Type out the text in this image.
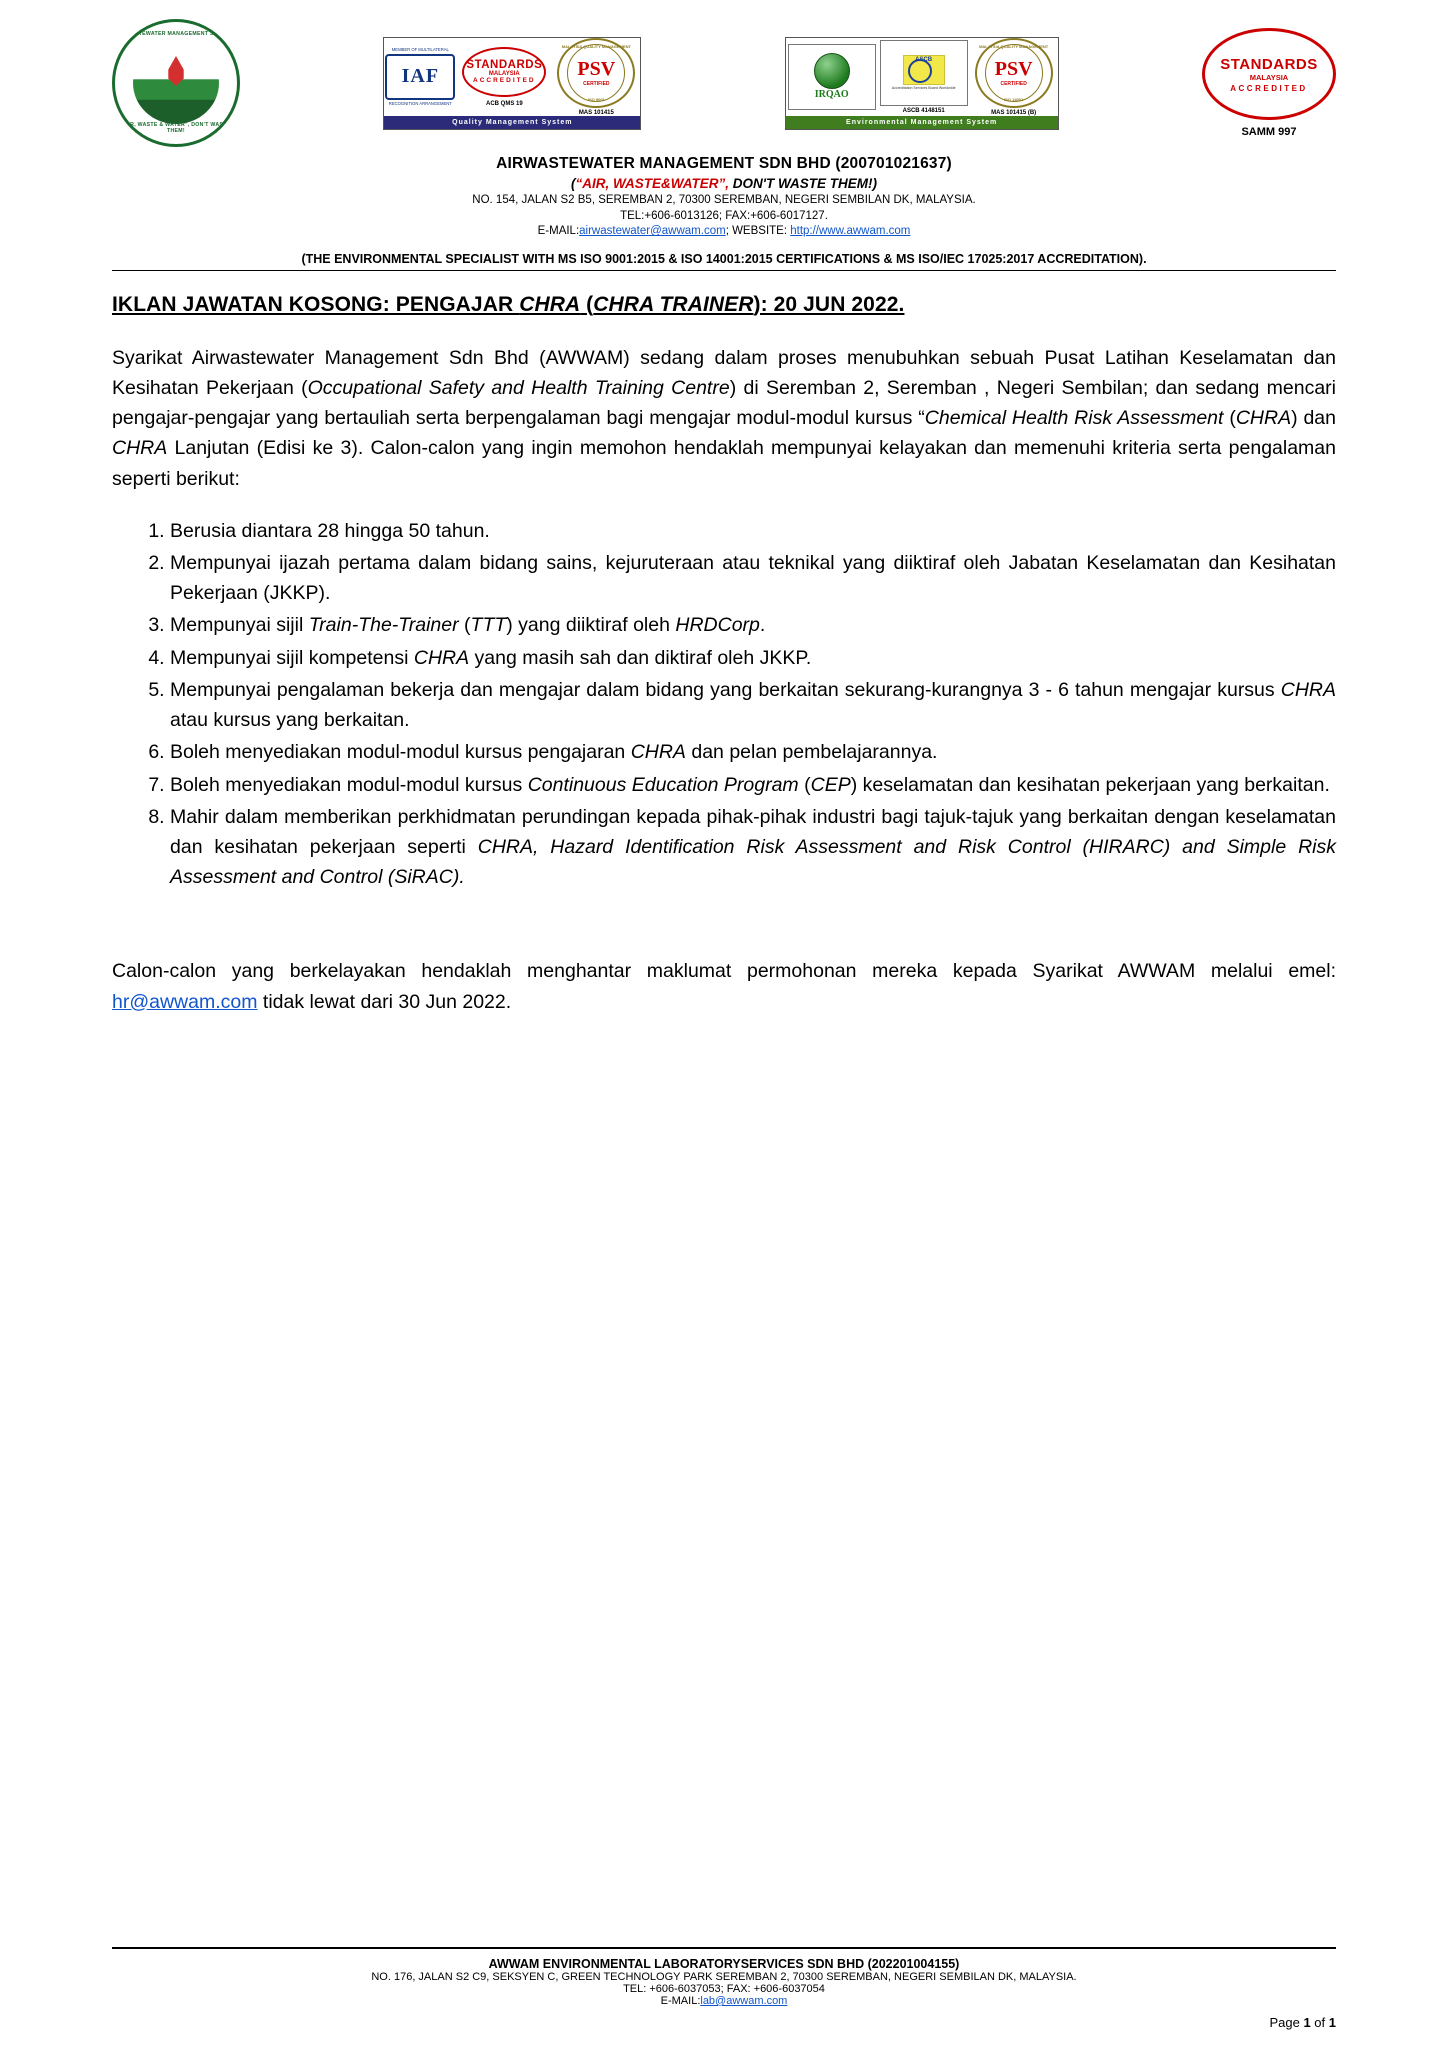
AIRWASTEWATER MANAGEMENT SDN BHD
"AIR, WASTE & WATER", DON'T WASTE THEM!
MEMBER OF MULTILATERAL
IAF
RECOGNITION ARRANGEMENT
STANDARDS
MALAYSIA
ACCREDITED
ACB QMS 19
MALAYSIA QUALITY MANAGEMENT
PSV
CERTIFIED
ISO 9001
MAS 101415
Quality Management System
IRQAO
ASCB
Accreditation Services Board Worldwide
ASCB 4148151
MALAYSIA QUALITY MANAGEMENT
PSV
CERTIFIED
ISO 14001
MAS 101415 (B)
Environmental Management System
STANDARDS
MALAYSIA
ACCREDITED
SAMM 997
AIRWASTEWATER MANAGEMENT SDN BHD (200701021637)
(“AIR, WASTE&WATER”, DON'T WASTE THEM!)
NO. 154, JALAN S2 B5, SEREMBAN 2, 70300 SEREMBAN, NEGERI SEMBILAN DK, MALAYSIA.
TEL:+606-6013126; FAX:+606-6017127.
E-MAIL:airwastewater@awwam.com; WEBSITE: http://www.awwam.com
(THE ENVIRONMENTAL SPECIALIST WITH MS ISO 9001:2015 & ISO 14001:2015 CERTIFICATIONS & MS ISO/IEC 17025:2017 ACCREDITATION).
IKLAN JAWATAN KOSONG: PENGAJAR CHRA (CHRA TRAINER): 20 JUN 2022.

Syarikat Airwastewater Management Sdn Bhd (AWWAM) sedang dalam proses menubuhkan sebuah Pusat Latihan Keselamatan dan Kesihatan Pekerjaan (Occupational Safety and Health Training Centre) di Seremban 2, Seremban , Negeri Sembilan; dan sedang mencari pengajar-pengajar yang bertauliah serta berpengalaman bagi mengajar modul-modul kursus “Chemical Health Risk Assessment (CHRA) dan CHRA Lanjutan (Edisi ke 3). Calon-calon yang ingin memohon hendaklah mempunyai kelayakan dan memenuhi kriteria serta pengalaman seperti berikut:

1. Berusia diantara 28 hingga 50 tahun.
2. Mempunyai ijazah pertama dalam bidang sains, kejuruteraan atau teknikal yang diiktiraf oleh Jabatan Keselamatan dan Kesihatan Pekerjaan (JKKP).
3. Mempunyai sijil Train-The-Trainer (TTT) yang diiktiraf oleh HRDCorp.
4. Mempunyai sijil kompetensi CHRA yang masih sah dan diktiraf oleh JKKP.
5. Mempunyai pengalaman bekerja dan mengajar dalam bidang yang berkaitan sekurang-kurangnya 3 - 6 tahun mengajar kursus CHRA atau kursus yang berkaitan.
6. Boleh menyediakan modul-modul kursus pengajaran CHRA dan pelan pembelajarannya.
7. Boleh menyediakan modul-modul kursus Continuous Education Program (CEP) keselamatan dan kesihatan pekerjaan yang berkaitan.
8. Mahir dalam memberikan perkhidmatan perundingan kepada pihak-pihak industri bagi tajuk-tajuk yang berkaitan dengan keselamatan dan kesihatan pekerjaan seperti CHRA, Hazard Identification Risk Assessment and Risk Control (HIRARC) and Simple Risk Assessment and Control (SiRAC).

Calon-calon yang berkelayakan hendaklah menghantar maklumat permohonan mereka kepada Syarikat AWWAM melalui emel: hr@awwam.com tidak lewat dari 30 Jun 2022.

AWWAM ENVIRONMENTAL LABORATORYSERVICES SDN BHD (202201004155)
NO. 176, JALAN S2 C9, SEKSYEN C, GREEN TECHNOLOGY PARK SEREMBAN 2, 70300 SEREMBAN, NEGERI SEMBILAN DK, MALAYSIA.
TEL: +606-6037053; FAX: +606-6037054
E-MAIL:lab@awwam.com
Page 1 of 1
